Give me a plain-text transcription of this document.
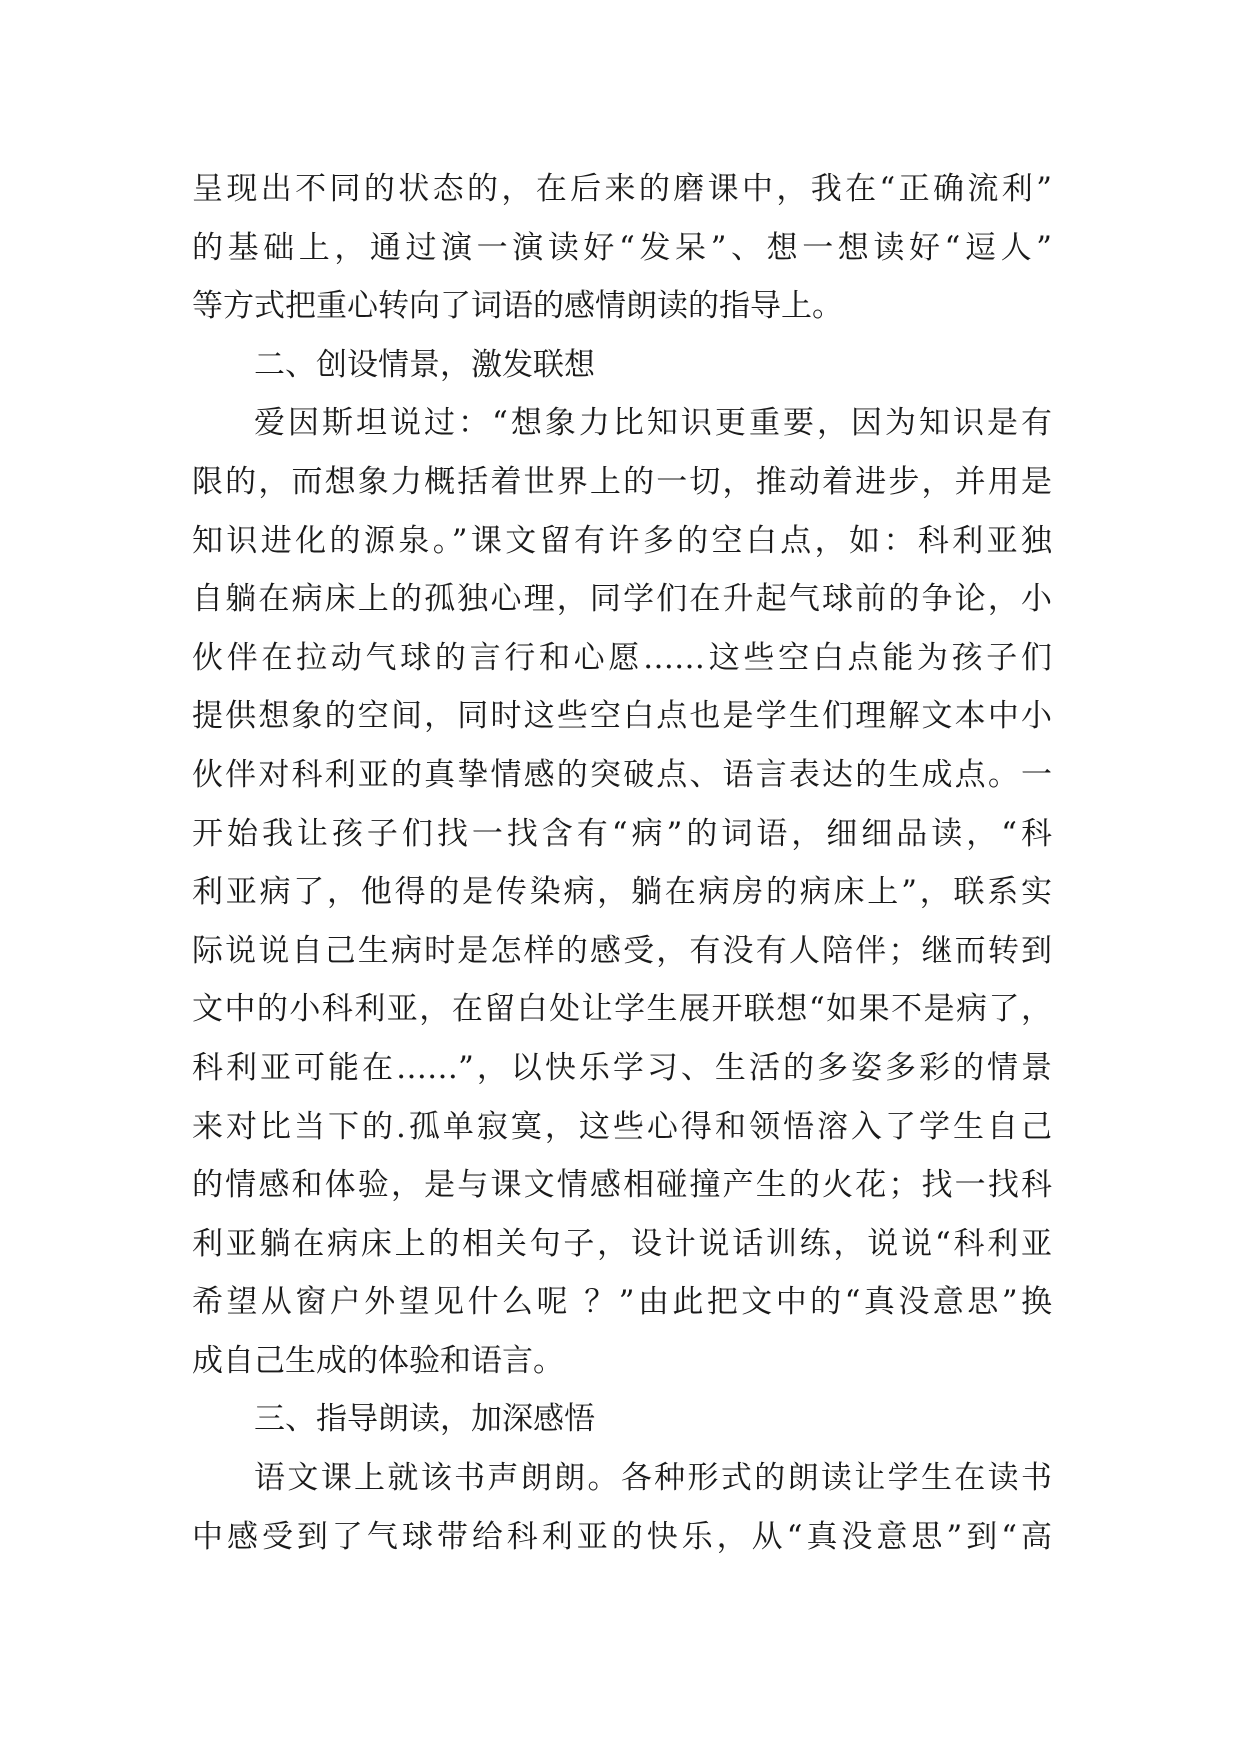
呈现出不同的状态的，在后来的磨课中，我在“正确流利”
的基础上，通过演一演读好“发呆”、想一想读好“逗人”
等方式把重心转向了词语的感情朗读的指导上。
二、创设情景，激发联想
爱因斯坦说过：“想象力比知识更重要，因为知识是有
限的，而想象力概括着世界上的一切，推动着进步，并用是
知识进化的源泉。”课文留有许多的空白点，如：科利亚独
自躺在病床上的孤独心理，同学们在升起气球前的争论，小
伙伴在拉动气球的言行和心愿……这些空白点能为孩子们
提供想象的空间，同时这些空白点也是学生们理解文本中小
伙伴对科利亚的真挚情感的突破点、语言表达的生成点。一
开始我让孩子们找一找含有“病”的词语，细细品读，“科
利亚病了，他得的是传染病，躺在病房的病床上”，联系实
际说说自己生病时是怎样的感受，有没有人陪伴；继而转到
文中的小科利亚，在留白处让学生展开联想“如果不是病了，
科利亚可能在……”，以快乐学习、生活的多姿多彩的情景
来对比当下的.孤单寂寞，这些心得和领悟溶入了学生自己
的情感和体验，是与课文情感相碰撞产生的火花；找一找科
利亚躺在病床上的相关句子，设计说话训练，说说“科利亚
希望从窗户外望见什么呢 ？”由此把文中的“真没意思”换
成自己生成的体验和语言。
三、指导朗读，加深感悟
语文课上就该书声朗朗。各种形式的朗读让学生在读书
中感受到了气球带给科利亚的快乐，从“真没意思”到“高
